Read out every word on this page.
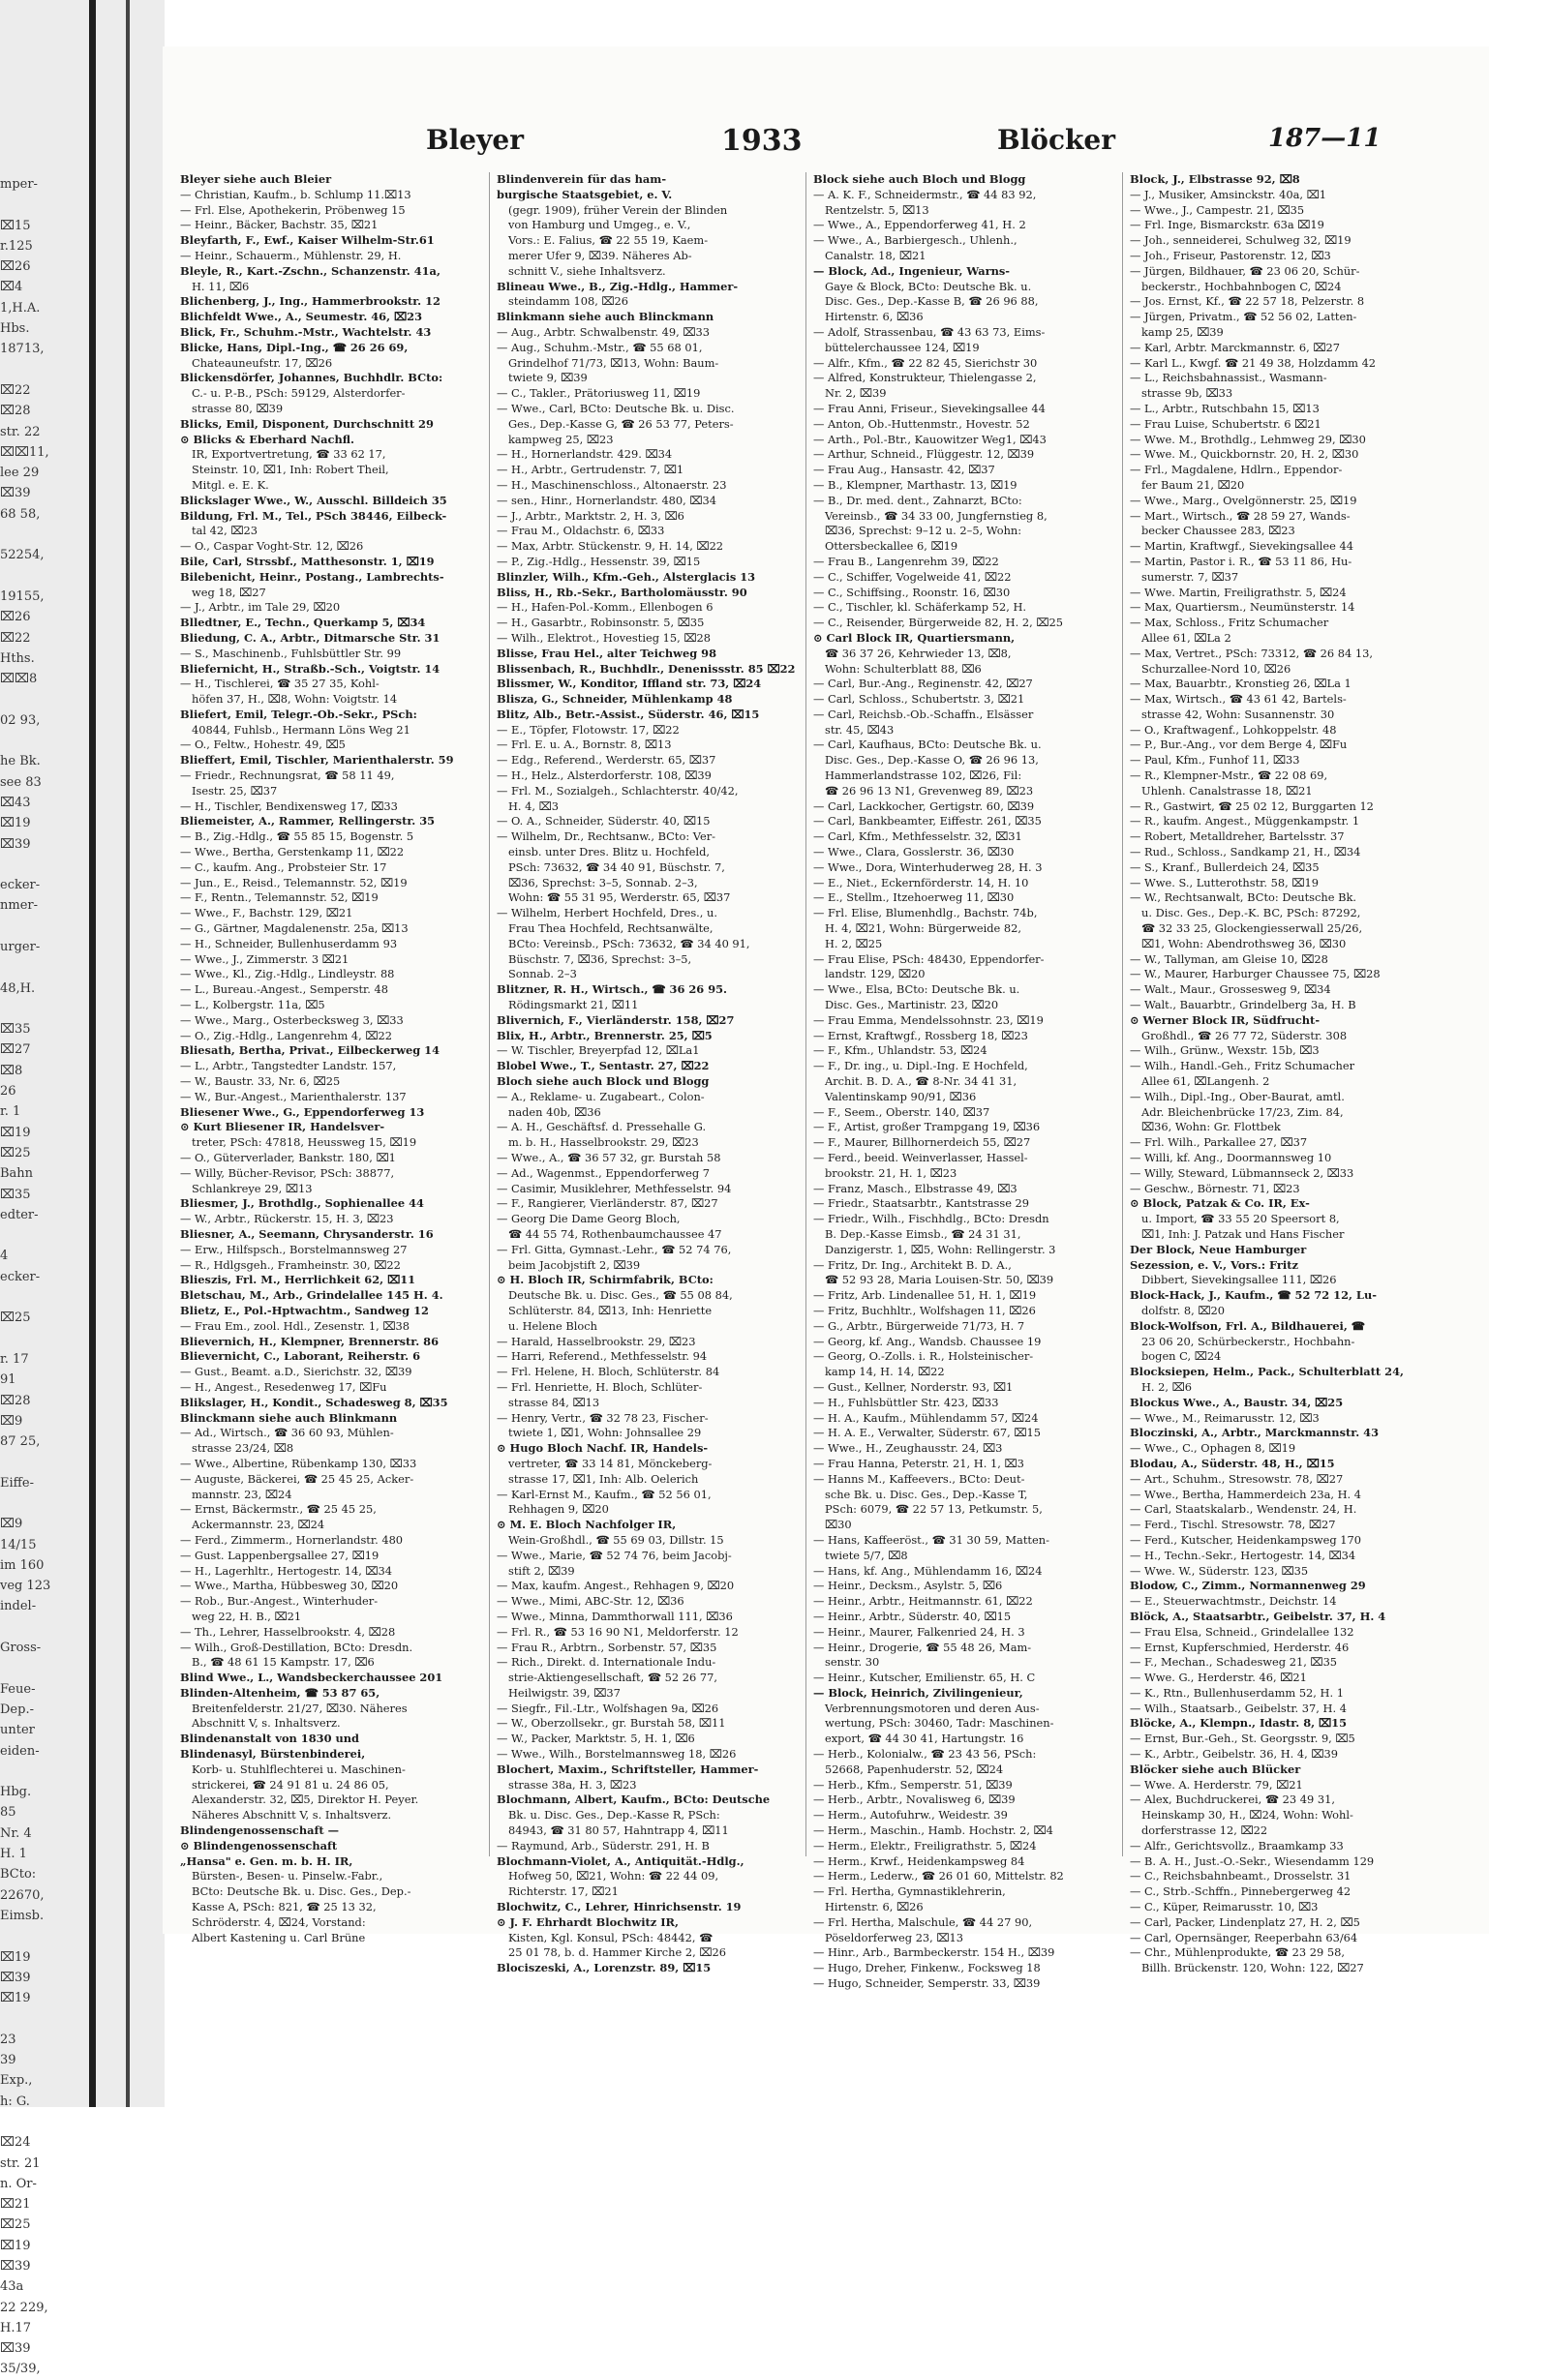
mper-

⌧15
r.125
⌧26
⌧4
1,H.A.
Hbs.
18713,

⌧22
⌧28
str. 22
⌧⌧11,
lee 29
⌧39
68 58,

52254,

19155,
⌧26
⌧22
Hths.
⌧⌧8

02 93,

he Bk.
see 83
⌧43
⌧19
⌧39

ecker-
nmer-

urger-

48,H.

⌧35
⌧27
⌧8
26
r. 1
⌧19
⌧25
Bahn
⌧35
edter-

4
ecker-

⌧25

r. 17
91
⌧28
⌧9
87 25,

Eiffe-

⌧9
14/15
im 160
veg 123
indel-

Gross-

Feue-
Dep.-
unter
eiden-

Hbg.
85
Nr. 4
H. 1
BCto:
22670,
Eimsb.

⌧19
⌧39
⌧19

23
39
Exp.,
h: G.

⌧24
str. 21
n. Or-
⌧21
⌧25
⌧19
⌧39
43a
22 229,
H.17
⌧39
35/39,
Bleyer	1933	Blöcker	187—11
Bleyer siehe auch Bleier
— Christian, Kaufm., b. Schlump 11.⌧13
— Frl. Else, Apothekerin, Pröbenweg 15
— Heinr., Bäcker, Bachstr. 35, ⌧21
Bleyfarth, F., Ewf., Kaiser Wilhelm-Str.61
— Heinr., Schauerm., Mühlenstr. 29, H.
Bleyle, R., Kart.-Zschn., Schanzenstr. 41a,
H. 11, ⌧6
Blichenberg, J., Ing., Hammerbrookstr. 12
Blichfeldt Wwe., A., Seumestr. 46, ⌧23
Blick, Fr., Schuhm.-Mstr., Wachtelstr. 43
Blicke, Hans, Dipl.-Ing., ☎ 26 26 69,
Chateauneufstr. 17, ⌧26
Blickensdörfer, Johannes, Buchhdlr. BCto:
C.- u. P.-B., PSch: 59129, Alsterdorfer-
strasse 80, ⌧39
Blicks, Emil, Disponent, Durchschnitt 29
⊙ Blicks & Eberhard Nachfl.
IR, Exportvertretung, ☎ 33 62 17,
Steinstr. 10, ⌧1, Inh: Robert Theil,
Mitgl. e. E. K.
Blickslager Wwe., W., Ausschl. Billdeich 35
Bildung, Frl. M., Tel., PSch 38446, Eilbeck-
tal 42, ⌧23
— O., Caspar Voght-Str. 12, ⌧26
Bile, Carl, Strssbf., Matthesonstr. 1, ⌧19
Bilebenicht, Heinr., Postang., Lambrechts-
weg 18, ⌧27
— J., Arbtr., im Tale 29, ⌧20
Blledtner, E., Techn., Querkamp 5, ⌧34
Bliedung, C. A., Arbtr., Ditmarsche Str. 31
— S., Maschinenb., Fuhlsbüttler Str. 99
Bliefernicht, H., Straßb.-Sch., Voigtstr. 14
— H., Tischlerei, ☎ 35 27 35, Kohl-
höfen 37, H., ⌧8, Wohn: Voigtstr. 14
Bliefert, Emil, Telegr.-Ob.-Sekr., PSch:
40844, Fuhlsb., Hermann Löns Weg 21
— O., Feltw., Hohestr. 49, ⌧5
Blieffert, Emil, Tischler, Marienthalerstr. 59
— Friedr., Rechnungsrat, ☎ 58 11 49,
Isestr. 25, ⌧37
— H., Tischler, Bendixensweg 17, ⌧33
Bliemeister, A., Rammer, Rellingerstr. 35
— B., Zig.-Hdlg., ☎ 55 85 15, Bogenstr. 5
— Wwe., Bertha, Gerstenkamp 11, ⌧22
— C., kaufm. Ang., Probsteier Str. 17
— Jun., E., Reisd., Telemannstr. 52, ⌧19
— F., Rentn., Telemannstr. 52, ⌧19
— Wwe., F., Bachstr. 129, ⌧21
— G., Gärtner, Magdalenenstr. 25a, ⌧13
— H., Schneider, Bullenhuserdamm 93
— Wwe., J., Zimmerstr. 3 ⌧21
— Wwe., Kl., Zig.-Hdlg., Lindleystr. 88
— L., Bureau.-Angest., Semperstr. 48
— L., Kolbergstr. 11a, ⌧5
— Wwe., Marg., Osterbecksweg 3, ⌧33
— O., Zig.-Hdlg., Langenrehm 4, ⌧22
Bliesath, Bertha, Privat., Eilbeckerweg 14
— L., Arbtr., Tangstedter Landstr. 157,
— W., Baustr. 33, Nr. 6, ⌧25
— W., Bur.-Angest., Marienthalerstr. 137
Bliesener Wwe., G., Eppendorferweg 13
⊙ Kurt Bliesener IR, Handelsver-
treter, PSch: 47818, Heussweg 15, ⌧19
— O., Güterverlader, Bankstr. 180, ⌧1
— Willy, Bücher-Revisor, PSch: 38877,
Schlankreye 29, ⌧13
Bliesmer, J., Brothdlg., Sophienallee 44
— W., Arbtr., Rückerstr. 15, H. 3, ⌧23
Bliesner, A., Seemann, Chrysanderstr. 16
— Erw., Hilfspsch., Borstelmannsweg 27
— R., Hdlgsgeh., Framheinstr. 30, ⌧22
Blieszis, Frl. M., Herrlichkeit 62, ⌧11
Bletschau, M., Arb., Grindelallee 145 H. 4.
Blietz, E., Pol.-Hptwachtm., Sandweg 12
— Frau Em., zool. Hdl., Zesenstr. 1, ⌧38
Blievernich, H., Klempner, Brennerstr. 86
Blievernicht, C., Laborant, Reiherstr. 6
— Gust., Beamt. a.D., Sierichstr. 32, ⌧39
— H., Angest., Resedenweg 17, ⌧Fu
Blikslager, H., Kondit., Schadesweg 8, ⌧35
Blinckmann siehe auch Blinkmann
— Ad., Wirtsch., ☎ 36 60 93, Mühlen-
strasse 23/24, ⌧8
— Wwe., Albertine, Rübenkamp 130, ⌧33
— Auguste, Bäckerei, ☎ 25 45 25, Acker-
mannstr. 23, ⌧24
— Ernst, Bäckermstr., ☎ 25 45 25,
Ackermannstr. 23, ⌧24
— Ferd., Zimmerm., Hornerlandstr. 480
— Gust. Lappenbergsallee 27, ⌧19
— H., Lagerhltr., Hertogestr. 14, ⌧34
— Wwe., Martha, Hübbesweg 30, ⌧20
— Rob., Bur.-Angest., Winterhuder-
weg 22, H. B., ⌧21
— Th., Lehrer, Hasselbrookstr. 4, ⌧28
— Wilh., Groß-Destillation, BCto: Dresdn.
B., ☎ 48 61 15 Kampstr. 17, ⌧6
Blind Wwe., L., Wandsbeckerchaussee 201
Blinden-Altenheim, ☎ 53 87 65,
Breitenfelderstr. 21/27, ⌧30. Näheres
Abschnitt V, s. Inhaltsverz.
Blindenanstalt von 1830 und
Blindenasyl, Bürstenbinderei,
Korb- u. Stuhlflechterei u. Maschinen-
strickerei, ☎ 24 91 81 u. 24 86 05,
Alexanderstr. 32, ⌧5, Direktor H. Peyer.
Näheres Abschnitt V, s. Inhaltsverz.
Blindengenossenschaft —
⊙ Blindengenossenschaft
„Hansa" e. Gen. m. b. H. IR,
Bürsten-, Besen- u. Pinselw.-Fabr.,
BCto: Deutsche Bk. u. Disc. Ges., Dep.-
Kasse A, PSch: 821, ☎ 25 13 32,
Schröderstr. 4, ⌧24, Vorstand:
Albert Kastening u. Carl Brüne
Blindenverein für das ham-
burgische Staatsgebiet, e. V.
(gegr. 1909), früher Verein der Blinden
von Hamburg und Umgeg., e. V.,
Vors.: E. Falius, ☎ 22 55 19, Kaem-
merer Ufer 9, ⌧39. Näheres Ab-
schnitt V., siehe Inhaltsverz.
Blineau Wwe., B., Zig.-Hdlg., Hammer-
steindamm 108, ⌧26
Blinkmann siehe auch Blinckmann
— Aug., Arbtr. Schwalbenstr. 49, ⌧33
— Aug., Schuhm.-Mstr., ☎ 55 68 01,
Grindelhof 71/73, ⌧13, Wohn: Baum-
twiete 9, ⌧39
— C., Takler., Prätoriusweg 11, ⌧19
— Wwe., Carl, BCto: Deutsche Bk. u. Disc.
Ges., Dep.-Kasse G, ☎ 26 53 77, Peters-
kampweg 25, ⌧23
— H., Hornerlandstr. 429. ⌧34
— H., Arbtr., Gertrudenstr. 7, ⌧1
— H., Maschinenschloss., Altonaerstr. 23
— sen., Hinr., Hornerlandstr. 480, ⌧34
— J., Arbtr., Marktstr. 2, H. 3, ⌧6
— Frau M., Oldachstr. 6, ⌧33
— Max, Arbtr. Stückenstr. 9, H. 14, ⌧22
— P., Zig.-Hdlg., Hessenstr. 39, ⌧15
Blinzler, Wilh., Kfm.-Geh., Alsterglacis 13
Bliss, H., Rb.-Sekr., Bartholomäusstr. 90
— H., Hafen-Pol.-Komm., Ellenbogen 6
— H., Gasarbtr., Robinsonstr. 5, ⌧35
— Wilh., Elektrot., Hovestieg 15, ⌧28
Blisse, Frau Hel., alter Teichweg 98
Blissenbach, R., Buchhdlr., Denenissstr. 85 ⌧22
Blissmer, W., Konditor, Iffland str. 73, ⌧24
Blisza, G., Schneider, Mühlenkamp 48
Blitz, Alb., Betr.-Assist., Süderstr. 46, ⌧15
— E., Töpfer, Flotowstr. 17, ⌧22
— Frl. E. u. A., Bornstr. 8, ⌧13
— Edg., Referend., Werderstr. 65, ⌧37
— H., Helz., Alsterdorferstr. 108, ⌧39
— Frl. M., Sozialgeh., Schlachterstr. 40/42,
H. 4, ⌧3
— O. A., Schneider, Süderstr. 40, ⌧15
— Wilhelm, Dr., Rechtsanw., BCto: Ver-
einsb. unter Dres. Blitz u. Hochfeld,
PSch: 73632, ☎ 34 40 91, Büschstr. 7,
⌧36, Sprechst: 3–5, Sonnab. 2–3,
Wohn: ☎ 55 31 95, Werderstr. 65, ⌧37
— Wilhelm, Herbert Hochfeld, Dres., u.
Frau Thea Hochfeld, Rechtsanwälte,
BCto: Vereinsb., PSch: 73632, ☎ 34 40 91,
Büschstr. 7, ⌧36, Sprechst: 3–5,
Sonnab. 2–3
Blitzner, R. H., Wirtsch., ☎ 36 26 95.
Rödingsmarkt 21, ⌧11
Blivernich, F., Vierländerstr. 158, ⌧27
Blix, H., Arbtr., Brennerstr. 25, ⌧5
— W. Tischler, Breyerpfad 12, ⌧La1
Blobel Wwe., T., Sentastr. 27, ⌧22
Bloch siehe auch Block und Blogg
— A., Reklame- u. Zugabeart., Colon-
naden 40b, ⌧36
— A. H., Geschäftsf. d. Pressehalle G.
m. b. H., Hasselbrookstr. 29, ⌧23
— Wwe., A., ☎ 36 57 32, gr. Burstah 58
— Ad., Wagenmst., Eppendorferweg 7
— Casimir, Musiklehrer, Methfesselstr. 94
— F., Rangierer, Vierländerstr. 87, ⌧27
— Georg Die Dame Georg Bloch,
☎ 44 55 74, Rothenbaumchaussee 47
— Frl. Gitta, Gymnast.-Lehr., ☎ 52 74 76,
beim Jacobjstift 2, ⌧39
⊙ H. Bloch IR, Schirmfabrik, BCto:
Deutsche Bk. u. Disc. Ges., ☎ 55 08 84,
Schlüterstr. 84, ⌧13, Inh: Henriette
u. Helene Bloch
— Harald, Hasselbrookstr. 29, ⌧23
— Harri, Referend., Methfesselstr. 94
— Frl. Helene, H. Bloch, Schlüterstr. 84
— Frl. Henriette, H. Bloch, Schlüter-
strasse 84, ⌧13
— Henry, Vertr., ☎ 32 78 23, Fischer-
twiete 1, ⌧1, Wohn: Johnsallee 29
⊙ Hugo Bloch Nachf. IR, Handels-
vertreter, ☎ 33 14 81, Mönckeberg-
strasse 17, ⌧1, Inh: Alb. Oelerich
— Karl-Ernst M., Kaufm., ☎ 52 56 01,
Rehhagen 9, ⌧20
⊙ M. E. Bloch Nachfolger IR,
Wein-Großhdl., ☎ 55 69 03, Dillstr. 15
— Wwe., Marie, ☎ 52 74 76, beim Jacobj-
stift 2, ⌧39
— Max, kaufm. Angest., Rehhagen 9, ⌧20
— Wwe., Mimi, ABC-Str. 12, ⌧36
— Wwe., Minna, Dammthorwall 111, ⌧36
— Frl. R., ☎ 53 16 90 N1, Meldorferstr. 12
— Frau R., Arbtrn., Sorbenstr. 57, ⌧35
— Rich., Direkt. d. Internationale Indu-
strie-Aktiengesellschaft, ☎ 52 26 77,
Heilwigstr. 39, ⌧37
— Siegfr., Fil.-Ltr., Wolfshagen 9a, ⌧26
— W., Oberzollsekr., gr. Burstah 58, ⌧11
— W., Packer, Marktstr. 5, H. 1, ⌧6
— Wwe., Wilh., Borstelmannsweg 18, ⌧26
Blochert, Maxim., Schriftsteller, Hammer-
strasse 38a, H. 3, ⌧23
Blochmann, Albert, Kaufm., BCto: Deutsche
Bk. u. Disc. Ges., Dep.-Kasse R, PSch:
84943, ☎ 31 80 57, Hahntrapp 4, ⌧11
— Raymund, Arb., Süderstr. 291, H. B
Blochmann-Violet, A., Antiquität.-Hdlg.,
Hofweg 50, ⌧21, Wohn: ☎ 22 44 09,
Richterstr. 17, ⌧21
Blochwitz, C., Lehrer, Hinrichsenstr. 19
⊙ J. F. Ehrhardt Blochwitz IR,
Kisten, Kgl. Konsul, PSch: 48442, ☎
25 01 78, b. d. Hammer Kirche 2, ⌧26
Blociszeski, A., Lorenzstr. 89, ⌧15
Block siehe auch Bloch und Blogg
— A. K. F., Schneidermstr., ☎ 44 83 92,
Rentzelstr. 5, ⌧13
— Wwe., A., Eppendorferweg 41, H. 2
— Wwe., A., Barbiergesch., Uhlenh.,
Canalstr. 18, ⌧21
— Block, Ad., Ingenieur, Warns-
Gaye & Block, BCto: Deutsche Bk. u.
Disc. Ges., Dep.-Kasse B, ☎ 26 96 88,
Hirtenstr. 6, ⌧36
— Adolf, Strassenbau, ☎ 43 63 73, Eims-
büttelerchaussee 124, ⌧19
— Alfr., Kfm., ☎ 22 82 45, Sierichstr 30
— Alfred, Konstrukteur, Thielengasse 2,
Nr. 2, ⌧39
— Frau Anni, Friseur., Sievekingsallee 44
— Anton, Ob.-Huttenmstr., Hovestr. 52
— Arth., Pol.-Btr., Kauowitzer Weg1, ⌧43
— Arthur, Schneid., Flüggestr. 12, ⌧39
— Frau Aug., Hansastr. 42, ⌧37
— B., Klempner, Marthastr. 13, ⌧19
— B., Dr. med. dent., Zahnarzt, BCto:
Vereinsb., ☎ 34 33 00, Jungfernstieg 8,
⌧36, Sprechst: 9–12 u. 2–5, Wohn:
Ottersbeckallee 6, ⌧19
— Frau B., Langenrehm 39, ⌧22
— C., Schiffer, Vogelweide 41, ⌧22
— C., Schiffsing., Roonstr. 16, ⌧30
— C., Tischler, kl. Schäferkamp 52, H.
— C., Reisender, Bürgerweide 82, H. 2, ⌧25
⊙ Carl Block IR, Quartiersmann,
☎ 36 37 26, Kehrwieder 13, ⌧8,
Wohn: Schulterblatt 88, ⌧6
— Carl, Bur.-Ang., Reginenstr. 42, ⌧27
— Carl, Schloss., Schubertstr. 3, ⌧21
— Carl, Reichsb.-Ob.-Schaffn., Elsässer
str. 45, ⌧43
— Carl, Kaufhaus, BCto: Deutsche Bk. u.
Disc. Ges., Dep.-Kasse O, ☎ 26 96 13,
Hammerlandstrasse 102, ⌧26, Fil:
☎ 26 96 13 N1, Grevenweg 89, ⌧23
— Carl, Lackkocher, Gertigstr. 60, ⌧39
— Carl, Bankbeamter, Eiffestr. 261, ⌧35
— Carl, Kfm., Methfesselstr. 32, ⌧31
— Wwe., Clara, Gosslerstr. 36, ⌧30
— Wwe., Dora, Winterhuderweg 28, H. 3
— E., Niet., Eckernförderstr. 14, H. 10
— E., Stellm., Itzehoerweg 11, ⌧30
— Frl. Elise, Blumenhdlg., Bachstr. 74b,
H. 4, ⌧21, Wohn: Bürgerweide 82,
H. 2, ⌧25
— Frau Elise, PSch: 48430, Eppendorfer-
landstr. 129, ⌧20
— Wwe., Elsa, BCto: Deutsche Bk. u.
Disc. Ges., Martinistr. 23, ⌧20
— Frau Emma, Mendelssohnstr. 23, ⌧19
— Ernst, Kraftwgf., Rossberg 18, ⌧23
— F., Kfm., Uhlandstr. 53, ⌧24
— F., Dr. ing., u. Dipl.-Ing. E Hochfeld,
Archit. B. D. A., ☎ 8-Nr. 34 41 31,
Valentinskamp 90/91, ⌧36
— F., Seem., Oberstr. 140, ⌧37
— F., Artist, großer Trampgang 19, ⌧36
— F., Maurer, Billhornerdeich 55, ⌧27
— Ferd., beeid. Weinverlasser, Hassel-
brookstr. 21, H. 1, ⌧23
— Franz, Masch., Elbstrasse 49, ⌧3
— Friedr., Staatsarbtr., Kantstrasse 29
— Friedr., Wilh., Fischhdlg., BCto: Dresdn
B. Dep.-Kasse Eimsb., ☎ 24 31 31,
Danzigerstr. 1, ⌧5, Wohn: Rellingerstr. 3
— Fritz, Dr. Ing., Architekt B. D. A.,
☎ 52 93 28, Maria Louisen-Str. 50, ⌧39
— Fritz, Arb. Lindenallee 51, H. 1, ⌧19
— Fritz, Buchhltr., Wolfshagen 11, ⌧26
— G., Arbtr., Bürgerweide 71/73, H. 7
— Georg, kf. Ang., Wandsb. Chaussee 19
— Georg, O.-Zolls. i. R., Holsteinischer-
kamp 14, H. 14, ⌧22
— Gust., Kellner, Norderstr. 93, ⌧1
— H., Fuhlsbüttler Str. 423, ⌧33
— H. A., Kaufm., Mühlendamm 57, ⌧24
— H. A. E., Verwalter, Süderstr. 67, ⌧15
— Wwe., H., Zeughausstr. 24, ⌧3
— Frau Hanna, Peterstr. 21, H. 1, ⌧3
— Hanns M., Kaffeevers., BCto: Deut-
sche Bk. u. Disc. Ges., Dep.-Kasse T,
PSch: 6079, ☎ 22 57 13, Petkumstr. 5,
⌧30
— Hans, Kaffeeröst., ☎ 31 30 59, Matten-
twiete 5/7, ⌧8
— Hans, kf. Ang., Mühlendamm 16, ⌧24
— Heinr., Decksm., Asylstr. 5, ⌧6
— Heinr., Arbtr., Heitmannstr. 61, ⌧22
— Heinr., Arbtr., Süderstr. 40, ⌧15
— Heinr., Maurer, Falkenried 24, H. 3
— Heinr., Drogerie, ☎ 55 48 26, Mam-
senstr. 30
— Heinr., Kutscher, Emilienstr. 65, H. C
— Block, Heinrich, Zivilingenieur,
Verbrennungsmotoren und deren Aus-
wertung, PSch: 30460, Tadr: Maschinen-
export, ☎ 44 30 41, Hartungstr. 16
— Herb., Kolonialw., ☎ 23 43 56, PSch:
52668, Papenhuderstr. 52, ⌧24
— Herb., Kfm., Semperstr. 51, ⌧39
— Herb., Arbtr., Novalisweg 6, ⌧39
— Herm., Autofuhrw., Weidestr. 39
— Herm., Maschin., Hamb. Hochstr. 2, ⌧4
— Herm., Elektr., Freiligrathstr. 5, ⌧24
— Herm., Krwf., Heidenkampsweg 84
— Herm., Lederw., ☎ 26 01 60, Mittelstr. 82
— Frl. Hertha, Gymnastiklehrerin,
Hirtenstr. 6, ⌧26
— Frl. Hertha, Malschule, ☎ 44 27 90,
Pöseldorferweg 23, ⌧13
— Hinr., Arb., Barmbeckerstr. 154 H., ⌧39
— Hugo, Dreher, Finkenw., Focksweg 18
— Hugo, Schneider, Semperstr. 33, ⌧39
Block, J., Elbstrasse 92, ⌧8
— J., Musiker, Amsinckstr. 40a, ⌧1
— Wwe., J., Campestr. 21, ⌧35
— Frl. Inge, Bismarckstr. 63a ⌧19
— Joh., senneiderei, Schulweg 32, ⌧19
— Joh., Friseur, Pastorenstr. 12, ⌧3
— Jürgen, Bildhauer, ☎ 23 06 20, Schür-
beckerstr., Hochbahnbogen C, ⌧24
— Jos. Ernst, Kf., ☎ 22 57 18, Pelzerstr. 8
— Jürgen, Privatm., ☎ 52 56 02, Latten-
kamp 25, ⌧39
— Karl, Arbtr. Marckmannstr. 6, ⌧27
— Karl L., Kwgf. ☎ 21 49 38, Holzdamm 42
— L., Reichsbahnassist., Wasmann-
strasse 9b, ⌧33
— L., Arbtr., Rutschbahn 15, ⌧13
— Frau Luise, Schubertstr. 6 ⌧21
— Wwe. M., Brothdlg., Lehmweg 29, ⌧30
— Wwe. M., Quickbornstr. 20, H. 2, ⌧30
— Frl., Magdalene, Hdlrn., Eppendor-
fer Baum 21, ⌧20
— Wwe., Marg., Ovelgönnerstr. 25, ⌧19
— Mart., Wirtsch., ☎ 28 59 27, Wands-
becker Chaussee 283, ⌧23
— Martin, Kraftwgf., Sievekingsallee 44
— Martin, Pastor i. R., ☎ 53 11 86, Hu-
sumerstr. 7, ⌧37
— Wwe. Martin, Freiligrathstr. 5, ⌧24
— Max, Quartiersm., Neumünsterstr. 14
— Max, Schloss., Fritz Schumacher
Allee 61, ⌧La 2
— Max, Vertret., PSch: 73312, ☎ 26 84 13,
Schurzallee-Nord 10, ⌧26
— Max, Bauarbtr., Kronstieg 26, ⌧La 1
— Max, Wirtsch., ☎ 43 61 42, Bartels-
strasse 42, Wohn: Susannenstr. 30
— O., Kraftwagenf., Lohkoppelstr. 48
— P., Bur.-Ang., vor dem Berge 4, ⌧Fu
— Paul, Kfm., Funhof 11, ⌧33
— R., Klempner-Mstr., ☎ 22 08 69,
Uhlenh. Canalstrasse 18, ⌧21
— R., Gastwirt, ☎ 25 02 12, Burggarten 12
— R., kaufm. Angest., Müggenkampstr. 1
— Robert, Metalldreher, Bartelsstr. 37
— Rud., Schloss., Sandkamp 21, H., ⌧34
— S., Kranf., Bullerdeich 24, ⌧35
— Wwe. S., Lutterothstr. 58, ⌧19
— W., Rechtsanwalt, BCto: Deutsche Bk.
u. Disc. Ges., Dep.-K. BC, PSch: 87292,
☎ 32 33 25, Glockengiesserwall 25/26,
⌧1, Wohn: Abendrothsweg 36, ⌧30
— W., Tallyman, am Gleise 10, ⌧28
— W., Maurer, Harburger Chaussee 75, ⌧28
— Walt., Maur., Grossesweg 9, ⌧34
— Walt., Bauarbtr., Grindelberg 3a, H. B
⊙ Werner Block IR, Südfrucht-
Großhdl., ☎ 26 77 72, Süderstr. 308
— Wilh., Grünw., Wexstr. 15b, ⌧3
— Wilh., Handl.-Geh., Fritz Schumacher
Allee 61, ⌧Langenh. 2
— Wilh., Dipl.-Ing., Ober-Baurat, amtl.
Adr. Bleichenbrücke 17/23, Zim. 84,
⌧36, Wohn: Gr. Flottbek
— Frl. Wilh., Parkallee 27, ⌧37
— Willi, kf. Ang., Doormannsweg 10
— Willy, Steward, Lübmannseck 2, ⌧33
— Geschw., Börnestr. 71, ⌧23
⊙ Block, Patzak & Co. IR, Ex-
u. Import, ☎ 33 55 20 Speersort 8,
⌧1, Inh: J. Patzak und Hans Fischer
Der Block, Neue Hamburger
Sezession, e. V., Vors.: Fritz
Dibbert, Sievekingsallee 111, ⌧26
Block-Hack, J., Kaufm., ☎ 52 72 12, Lu-
dolfstr. 8, ⌧20
Block-Wolfson, Frl. A., Bildhauerei, ☎
23 06 20, Schürbeckerstr., Hochbahn-
bogen C, ⌧24
Blocksiepen, Helm., Pack., Schulterblatt 24,
H. 2, ⌧6
Blockus Wwe., A., Baustr. 34, ⌧25
— Wwe., M., Reimarusstr. 12, ⌧3
Bloczinski, A., Arbtr., Marckmannstr. 43
— Wwe., C., Ophagen 8, ⌧19
Blodau, A., Süderstr. 48, H., ⌧15
— Art., Schuhm., Stresowstr. 78, ⌧27
— Wwe., Bertha, Hammerdeich 23a, H. 4
— Carl, Staatskalarb., Wendenstr. 24, H.
— Ferd., Tischl. Stresowstr. 78, ⌧27
— Ferd., Kutscher, Heidenkampsweg 170
— H., Techn.-Sekr., Hertogestr. 14, ⌧34
— Wwe. W., Süderstr. 123, ⌧35
Blodow, C., Zimm., Normannenweg 29
— E., Steuerwachtmstr., Deichstr. 14
Blöck, A., Staatsarbtr., Geibelstr. 37, H. 4
— Frau Elsa, Schneid., Grindelallee 132
— Ernst, Kupferschmied, Herderstr. 46
— F., Mechan., Schadesweg 21, ⌧35
— Wwe. G., Herderstr. 46, ⌧21
— K., Rtn., Bullenhuserdamm 52, H. 1
— Wilh., Staatsarb., Geibelstr. 37, H. 4
Blöcke, A., Klempn., Idastr. 8, ⌧15
— Ernst, Bur.-Geh., St. Georgsstr. 9, ⌧5
— K., Arbtr., Geibelstr. 36, H. 4, ⌧39
Blöcker siehe auch Blücker
— Wwe. A. Herderstr. 79, ⌧21
— Alex, Buchdruckerei, ☎ 23 49 31,
Heinskamp 30, H., ⌧24, Wohn: Wohl-
dorferstrasse 12, ⌧22
— Alfr., Gerichtsvollz., Braamkamp 33
— B. A. H., Just.-O.-Sekr., Wiesendamm 129
— C., Reichsbahnbeamt., Drosselstr. 31
— C., Strb.-Schffn., Pinnebergerweg 42
— C., Küper, Reimarusstr. 10, ⌧3
— Carl, Packer, Lindenplatz 27, H. 2, ⌧5
— Carl, Opernsänger, Reeperbahn 63/64
— Chr., Mühlenprodukte, ☎ 23 29 58,
Billh. Brückenstr. 120, Wohn: 122, ⌧27
